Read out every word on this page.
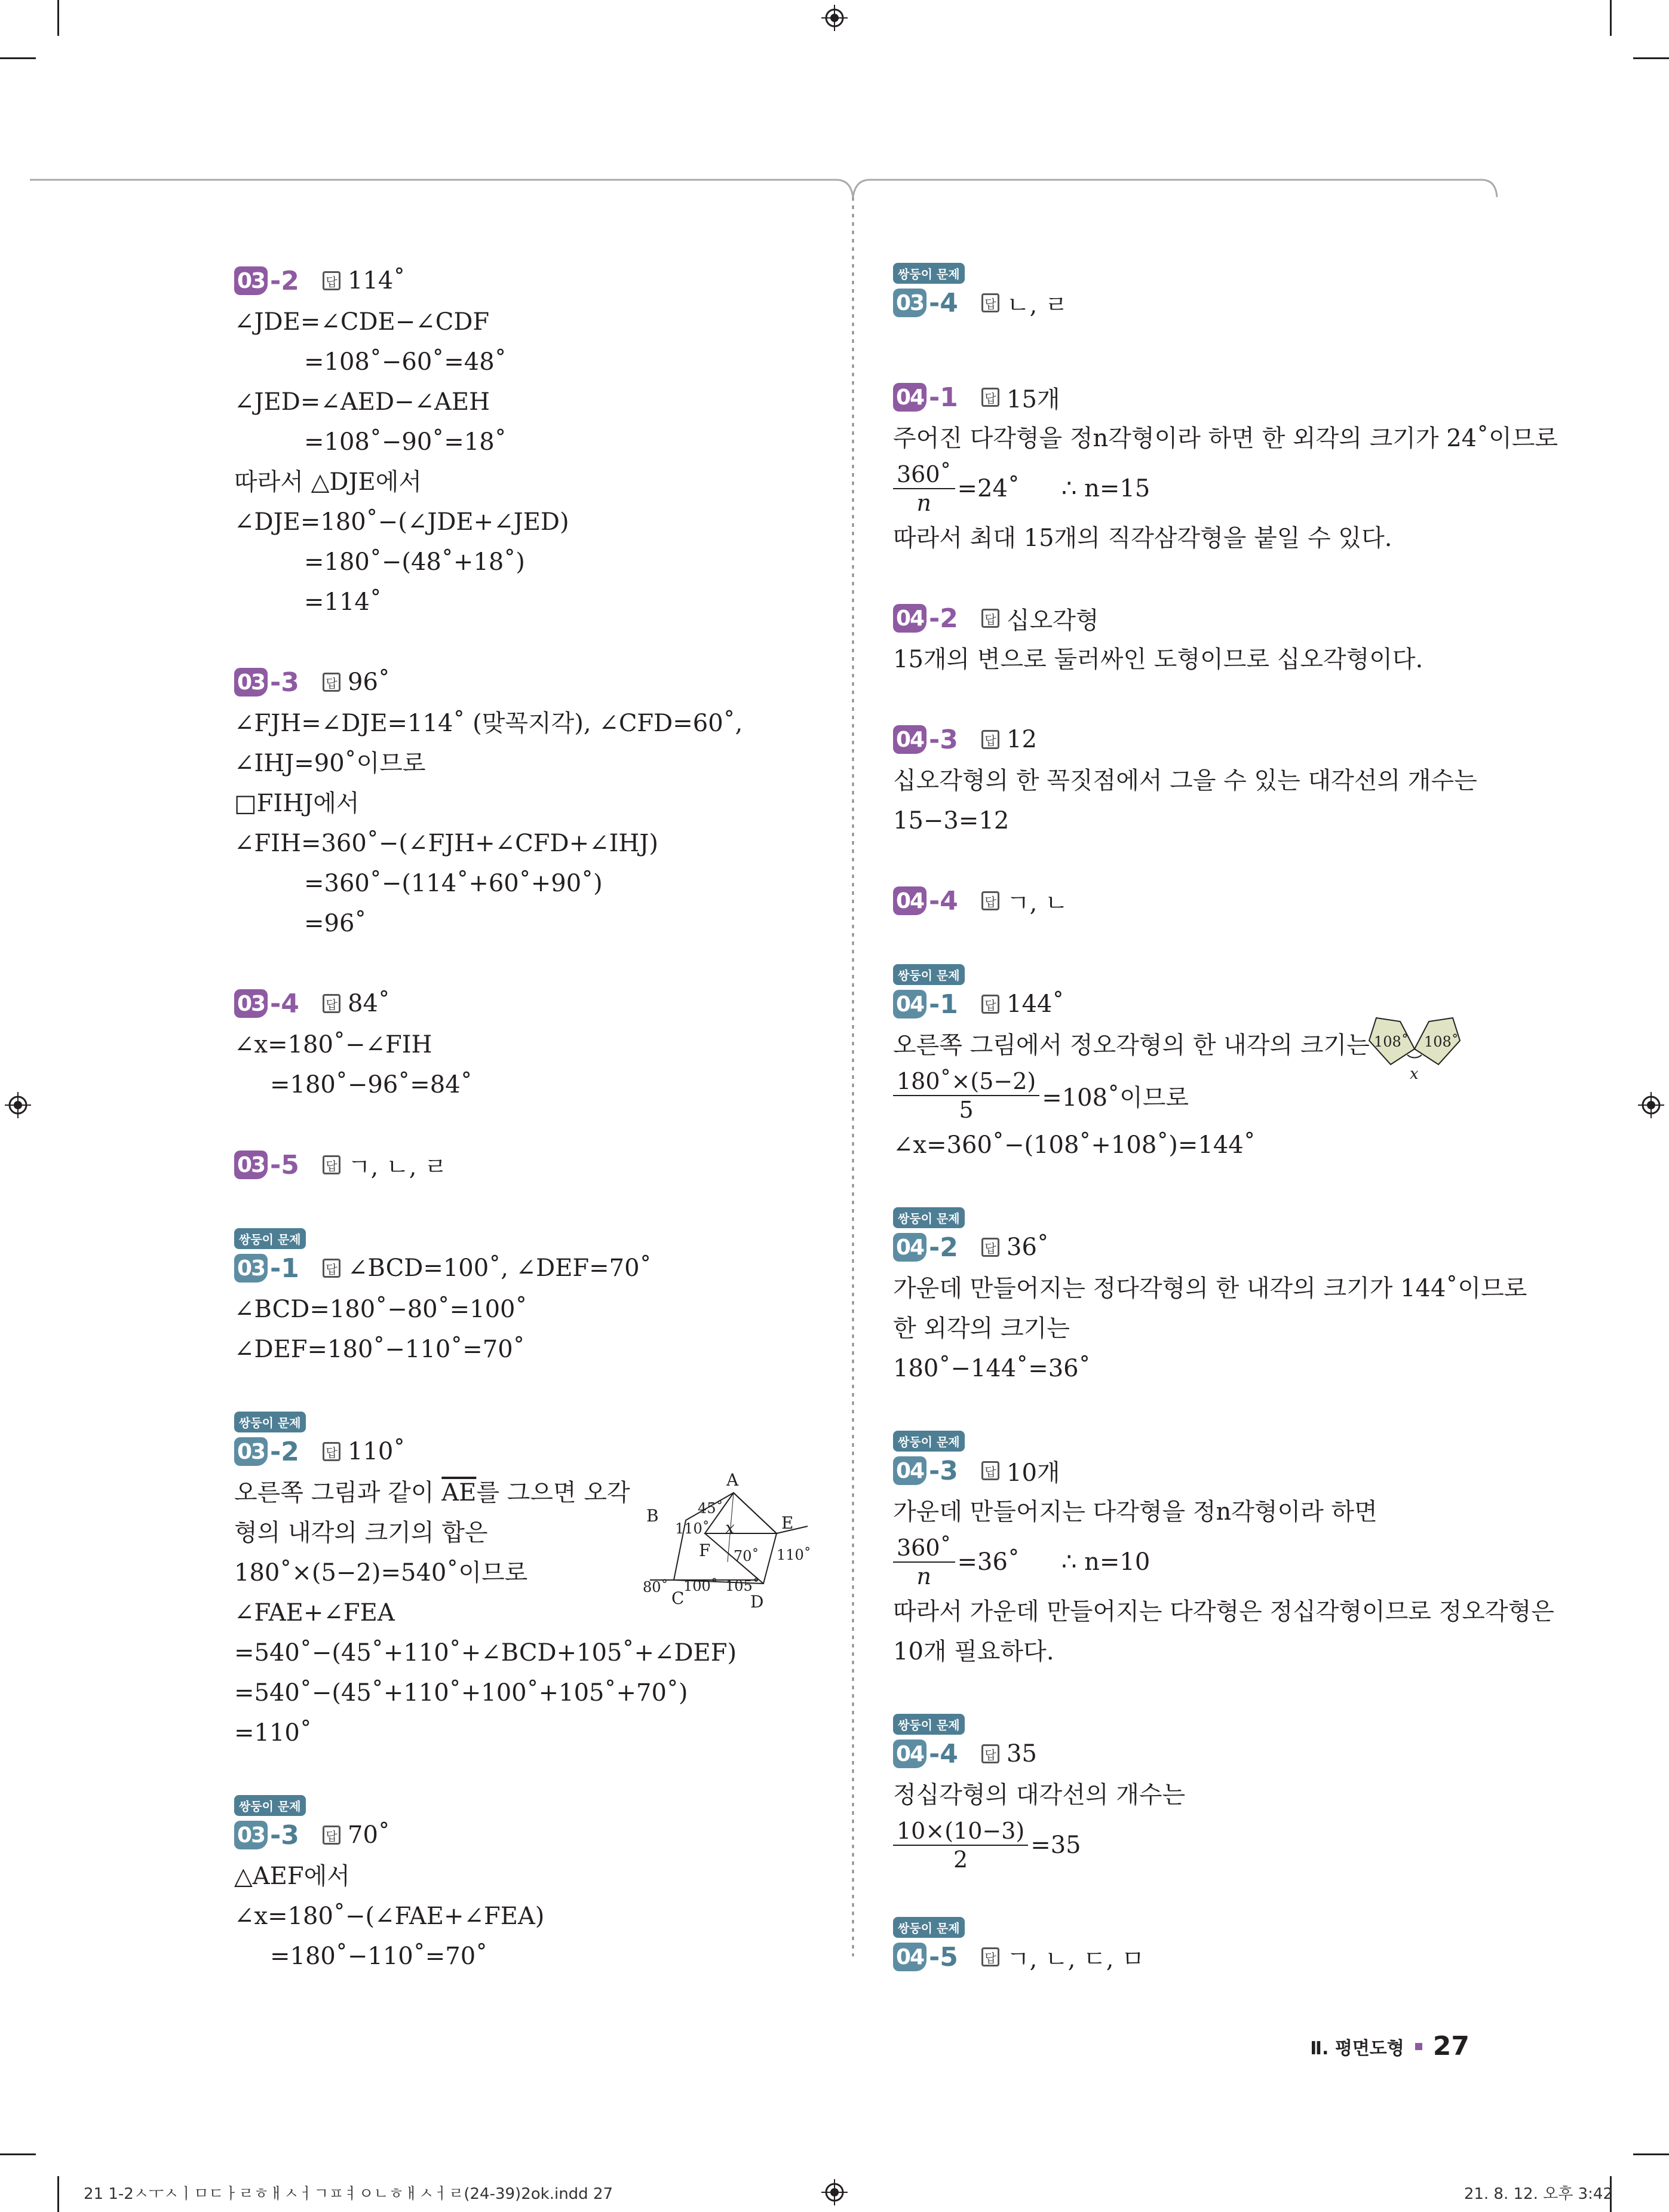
03 -2	답 114˚
∠JDE=∠CDE−∠CDF
=108˚−60˚=48˚
∠JED=∠AED−∠AEH
=108˚−90˚=18˚
따라서 △DJE에서
∠DJE=180˚−(∠JDE+∠JED)
=180˚−(48˚+18˚)
=114˚
03 -3	답 96˚
∠FJH=∠DJE=114˚ (맞꼭지각), ∠CFD=60˚,
∠IHJ=90˚이므로
□FIHJ에서
∠FIH=360˚−(∠FJH+∠CFD+∠IHJ)
=360˚−(114˚+60˚+90˚)
=96˚
03 -4	답 84˚
∠x=180˚−∠FIH
=180˚−96˚=84˚
03 -5	답 ㄱ, ㄴ, ㄹ
쌍둥이 문제
03 -1	답 ∠BCD=100˚, ∠DEF=70˚
∠BCD=180˚−80˚=100˚
∠DEF=180˚−110˚=70˚
쌍둥이 문제
03 -2	답 110˚
오른쪽 그림과 같이 $\overline{AE}$를 그으면 오각
형의 내각의 크기의 합은
180˚×(5−2)=540˚이므로
∠FAE+∠FEA
=540˚−(45˚+110˚+∠BCD+105˚+∠DEF)
=540˚−(45˚+110˚+100˚+105˚+70˚)
=110˚
쌍둥이 문제
03 -3	답 70˚
△AEF에서
∠x=180˚−(∠FAE+∠FEA)
=180˚−110˚=70˚
A
B	E
F
C	D
45˚
110˚ x
70˚ 110˚
80˚ 100˚ 105˚
쌍둥이 문제
03 -4	답 ㄴ, ㄹ
04 -1	답 15개
주어진 다각형을 정n각형이라 하면 한 외각의 크기가 24˚이므로
$\frac{360˚}{n}$ =24˚ ∴ n=15
따라서 최대 15개의 직각삼각형을 붙일 수 있다.
04 -2	답 십오각형
15개의 변으로 둘러싸인 도형이므로 십오각형이다.
04 -3	답 12
십오각형의 한 꼭짓점에서 그을 수 있는 대각선의 개수는
15−3=12
04 -4	답 ㄱ, ㄴ
쌍둥이 문제
04 -1	답 144˚
오른쪽 그림에서 정오각형의 한 내각의 크기는
$\frac{180˚\times(5-2)}{5}$ =108˚이므로
∠x=360˚−(108˚+108˚)=144˚
쌍둥이 문제
04 -2	답 36˚
가운데 만들어지는 정다각형의 한 내각의 크기가 144˚이므로
한 외각의 크기는
180˚−144˚=36˚
쌍둥이 문제
04 -3	답 10개
가운데 만들어지는 다각형을 정n각형이라 하면
$\frac{360˚}{n}$ =36˚ ∴ n=10
따라서 가운데 만들어지는 다각형은 정십각형이므로 정오각형은
10개 필요하다.
쌍둥이 문제
04 -4	답 35
정십각형의 대각선의 개수는
$\frac{10\times(10-3)}{2} =35$
쌍둥이 문제
04 -5	답 ㄱ, ㄴ, ㄷ, ㅁ
108˚ 108˚
x
Ⅱ. 평면도형 27
21 1-2ㅅㅜㅅㅣㅁㄷㅏㄹㅎㅐㅅㅓㄱㅍㅕㅇㄴㅎㅐㅅㅓㄹ(24-39)2ok.indd 27	21. 8. 12. 오후 3:42
